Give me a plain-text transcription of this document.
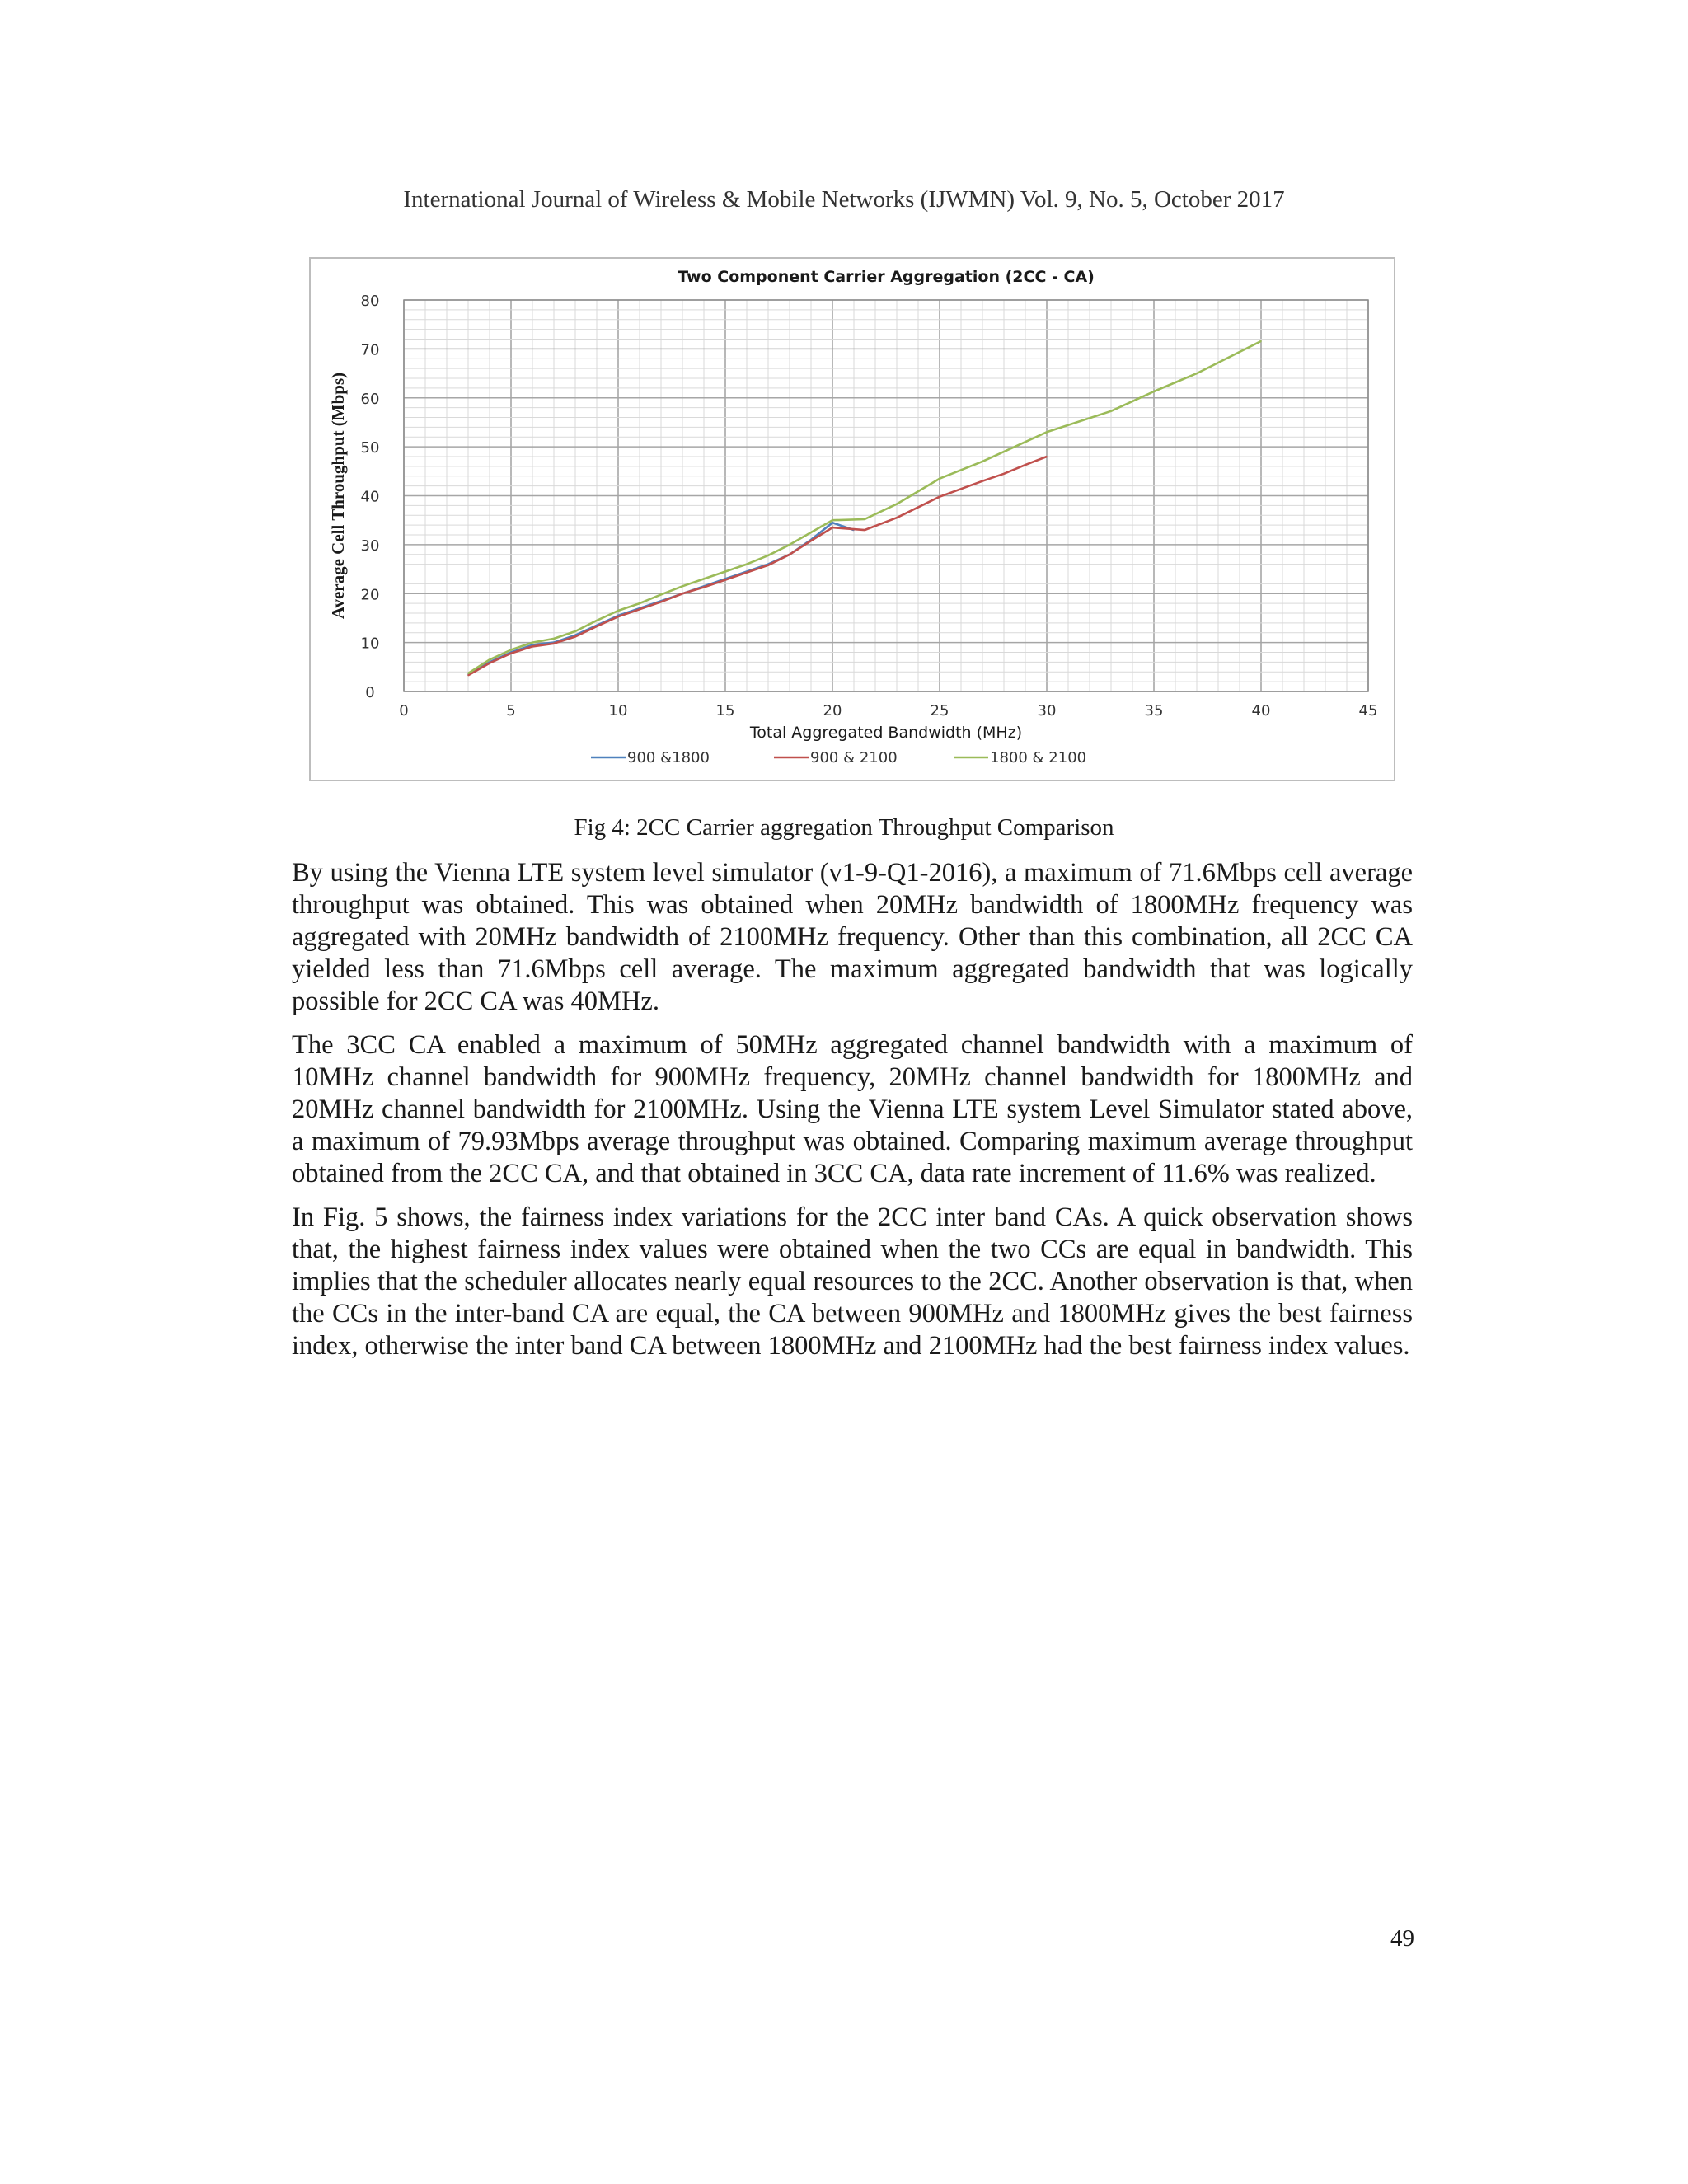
International Journal of Wireless & Mobile Networks (IJWMN) Vol. 9, No. 5, October 2017
Two Component Carrier Aggregation (2CC - CA)
0
10
20
30
40
50
60
70
80
0	5	10	15	20	25	30	35	40	45
Total Aggregated Bandwidth (MHz)
Average Cell Throughput (Mbps)
900 &1800	900 & 2100	1800 & 2100
Fig 4: 2CC Carrier aggregation Throughput Comparison

By using the Vienna LTE system level simulator (v1-9-Q1-2016), a maximum of 71.6Mbps cell average throughput was obtained. This was obtained when 20MHz bandwidth of 1800MHz frequency was aggregated with 20MHz bandwidth of 2100MHz frequency. Other than this combination, all 2CC CA yielded less than 71.6Mbps cell average. The maximum aggregated bandwidth that was logically possible for 2CC CA was 40MHz.

The 3CC CA enabled a maximum of 50MHz aggregated channel bandwidth with a maximum of 10MHz channel bandwidth for 900MHz frequency, 20MHz channel bandwidth for 1800MHz and 20MHz channel bandwidth for 2100MHz. Using the Vienna LTE system Level Simulator stated above, a maximum of 79.93Mbps average throughput was obtained. Comparing maximum average throughput obtained from the 2CC CA, and that obtained in 3CC CA, data rate increment of 11.6% was realized.

In Fig. 5 shows, the fairness index variations for the 2CC inter band CAs. A quick observation shows that, the highest fairness index values were obtained when the two CCs are equal in bandwidth. This implies that the scheduler allocates nearly equal resources to the 2CC. Another observation is that, when the CCs in the inter-band CA are equal, the CA between 900MHz and 1800MHz gives the best fairness index, otherwise the inter band CA between 1800MHz and 2100MHz had the best fairness index values.

49
